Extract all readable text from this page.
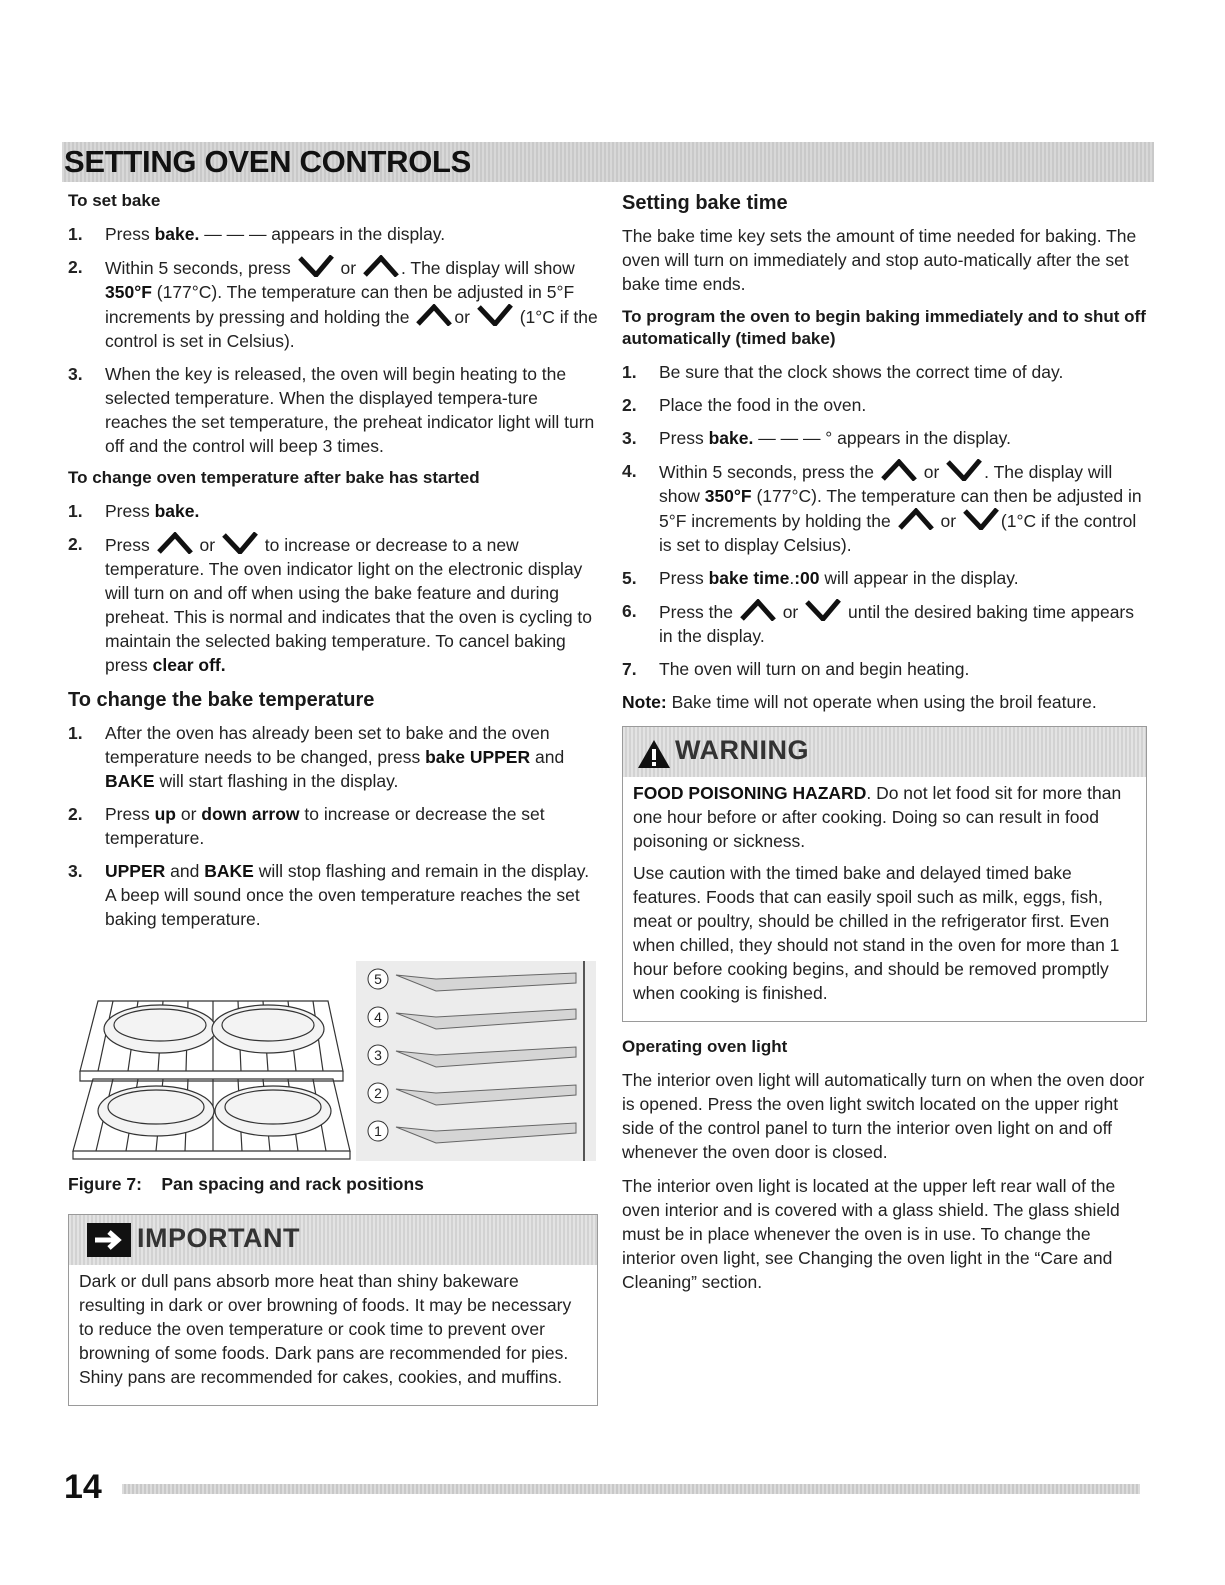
SETTING OVEN CONTROLS
To set bake
1. Press bake. — — — appears in the display.
2. Within 5 seconds, press	or	. The display will show 350°F (177°C). The temperature can then be adjusted in 5°F increments by pressing and holding the	or	(1°C if the control is set in Celsius).
3. When the key is released, the oven will begin heating to the selected temperature. When the displayed tempera-ture reaches the set temperature, the preheat indicator light will turn off and the control will beep 3 times.
To change oven temperature after bake has started
1. Press bake.
2. Press	or	to increase or decrease to a new temperature. The oven indicator light on the electronic display will turn on and off when using the bake feature and during preheat. This is normal and indicates that the oven is cycling to maintain the selected baking temperature. To cancel baking press clear off.
To change the bake temperature
1. After the oven has already been set to bake and the oven temperature needs to be changed, press bake UPPER and BAKE will start flashing in the display.
2. Press up or down arrow to increase or decrease the set temperature.
3. UPPER and BAKE will stop flashing and remain in the display. A beep will sound once the oven temperature reaches the set baking temperature.
5
4
3
2
1
Figure 7:    Pan spacing and rack positions
IMPORTANT
Dark or dull pans absorb more heat than shiny bakeware resulting in dark or over browning of foods. It may be necessary to reduce the oven temperature or cook time to prevent over browning of some foods. Dark pans are recommended for pies. Shiny pans are recommended for cakes, cookies, and muffins.
Setting bake time
The bake time key sets the amount of time needed for baking. The oven will turn on immediately and stop auto-matically after the set bake time ends.
To program the oven to begin baking immediately and to shut off automatically (timed bake)
1. Be sure that the clock shows the correct time of day.
2. Place the food in the oven.
3. Press bake. — — — ° appears in the display.
4. Within 5 seconds, press the	or	. The display will show 350°F (177°C). The temperature can then be adjusted in 5°F increments by holding the	or	(1°C if the control is set to display Celsius).
5. Press bake time.:00 will appear in the display.
6. Press the	or	until the desired baking time appears in the display.
7. The oven will turn on and begin heating.
Note: Bake time will not operate when using the broil feature.
WARNING
FOOD POISONING HAZARD. Do not let food sit for more than one hour before or after cooking. Doing so can result in food poisoning or sickness.
Use caution with the timed bake and delayed timed bake features. Foods that can easily spoil such as milk, eggs, fish, meat or poultry, should be chilled in the refrigerator first. Even when chilled, they should not stand in the oven for more than 1 hour before cooking begins, and should be removed promptly when cooking is finished.
Operating oven light
The interior oven light will automatically turn on when the oven door is opened. Press the oven light switch located on the upper right side of the control panel to turn the interior oven light on and off whenever the oven door is closed.
The interior oven light is located at the upper left rear wall of the oven interior and is covered with a glass shield. The glass shield must be in place whenever the oven is in use. To change the interior oven light, see Changing the oven light in the “Care and Cleaning” section.
14
